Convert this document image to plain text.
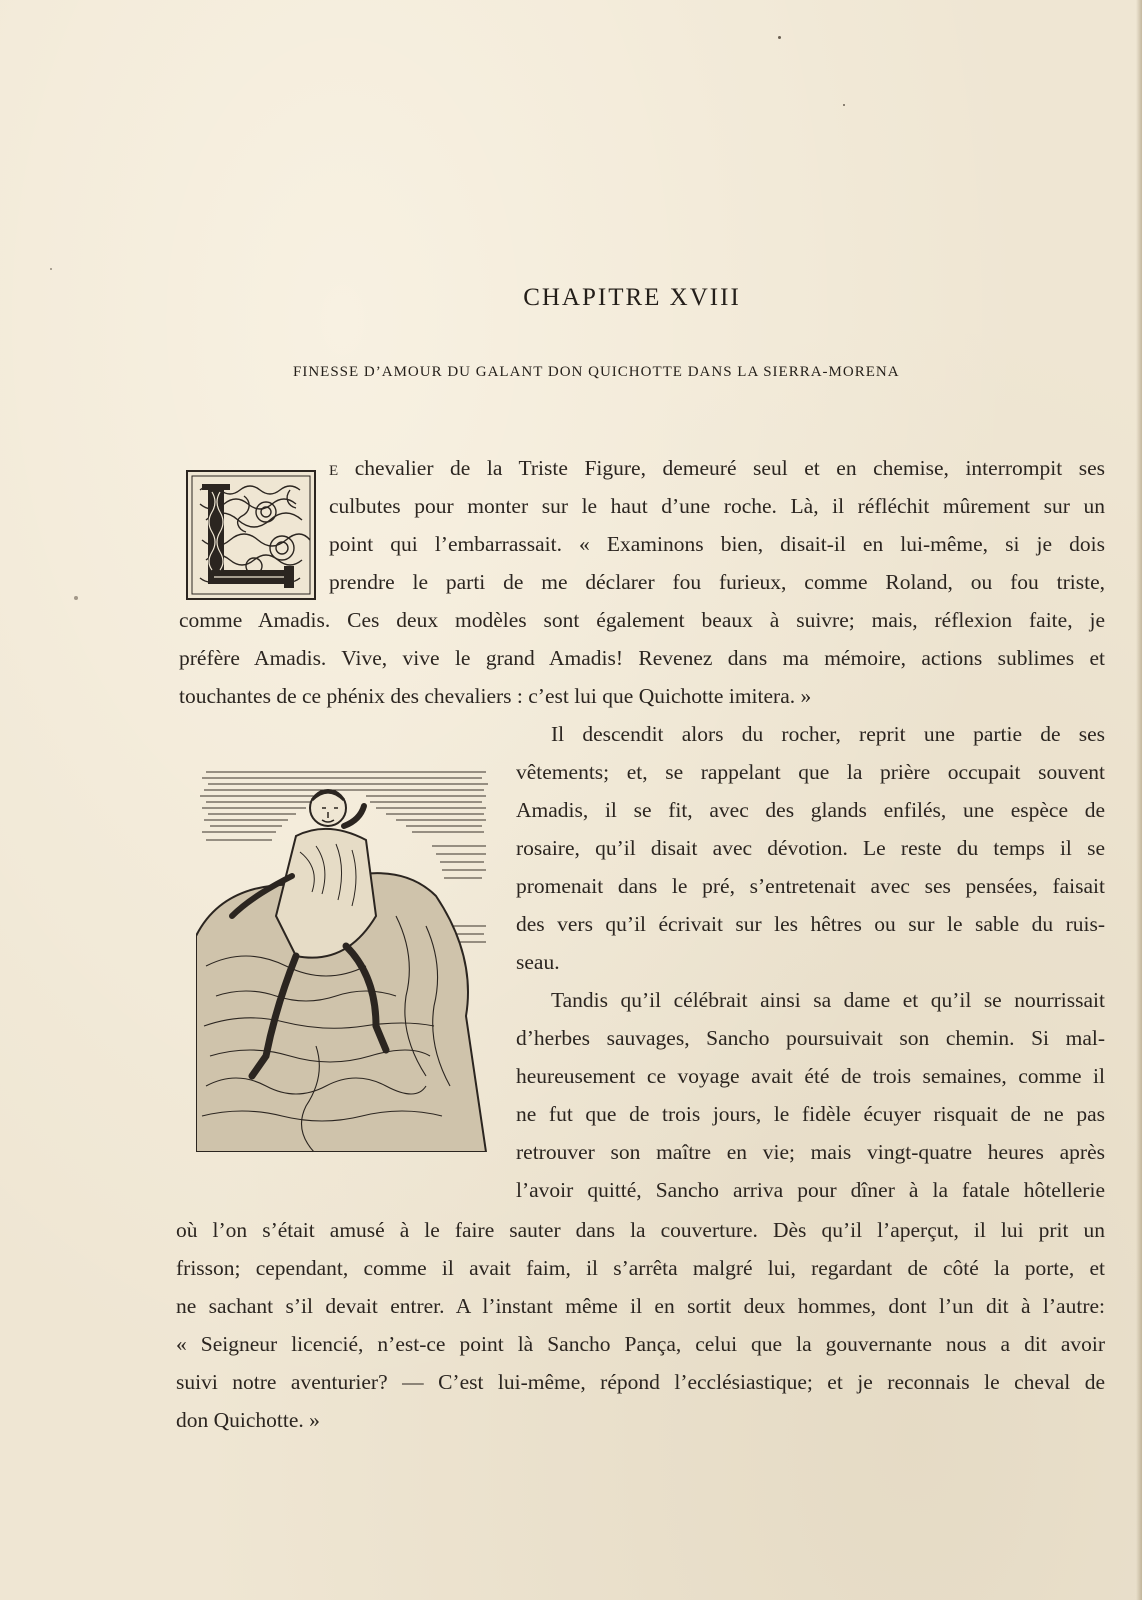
CHAPITRE XVIII
FINESSE D’AMOUR DU GALANT DON QUICHOTTE DANS LA SIERRA-MORENA
e chevalier de la Triste Figure, demeuré seul et en chemise, interrompit ses
culbutes pour monter sur le haut d’une roche. Là, il réfléchit mûrement sur un
point qui l’embarrassait. « Examinons bien, disait-il en lui-même, si je dois
prendre le parti de me déclarer fou furieux, comme Roland, ou fou triste,
comme Amadis. Ces deux modèles sont également beaux à suivre; mais, réflexion faite, je
préfère Amadis. Vive, vive le grand Amadis! Revenez dans ma mémoire, actions sublimes et
touchantes de ce phénix des chevaliers : c’est lui que Quichotte imitera. »
Il descendit alors du rocher, reprit une partie de ses
vêtements; et, se rappelant que la prière occupait souvent
Amadis, il se fit, avec des glands enfilés, une espèce de
rosaire, qu’il disait avec dévotion. Le reste du temps il se
promenait dans le pré, s’entretenait avec ses pensées, faisait
des vers qu’il écrivait sur les hêtres ou sur le sable du ruis-
seau.
Tandis qu’il célébrait ainsi sa dame et qu’il se nourrissait
d’herbes sauvages, Sancho poursuivait son chemin. Si mal-
heureusement ce voyage avait été de trois semaines, comme il
ne fut que de trois jours, le fidèle écuyer risquait de ne pas
retrouver son maître en vie; mais vingt-quatre heures après
l’avoir quitté, Sancho arriva pour dîner à la fatale hôtellerie
où l’on s’était amusé à le faire sauter dans la couverture. Dès qu’il l’aperçut, il lui prit un
frisson; cependant, comme il avait faim, il s’arrêta malgré lui, regardant de côté la porte, et
ne sachant s’il devait entrer. A l’instant même il en sortit deux hommes, dont l’un dit à l’autre:
« Seigneur licencié, n’est-ce point là Sancho Pança, celui que la gouvernante nous a dit avoir
suivi notre aventurier? — C’est lui-même, répond l’ecclésiastique; et je reconnais le cheval de
don Quichotte. »
